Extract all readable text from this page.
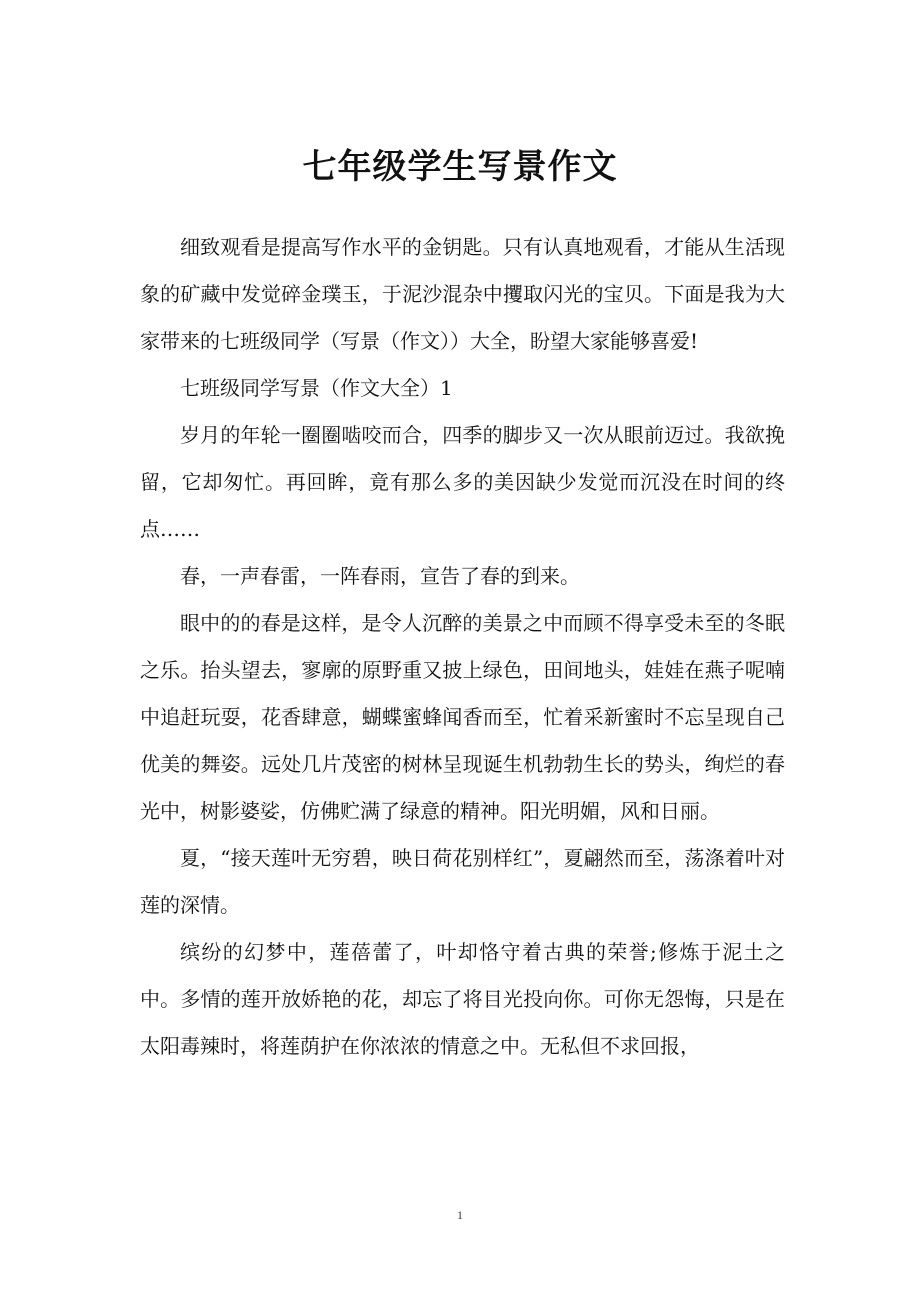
七年级学生写景作文

细致观看是提高写作水平的金钥匙。只有认真地观看，才能从生活现象的矿藏中发觉碎金璞玉，于泥沙混杂中攫取闪光的宝贝。下面是我为大家带来的七班级同学（写景（作文））大全，盼望大家能够喜爱!

七班级同学写景（作文大全）1

岁月的年轮一圈圈啮咬而合，四季的脚步又一次从眼前迈过。我欲挽留，它却匆忙。再回眸，竟有那么多的美因缺少发觉而沉没在时间的终点……

春，一声春雷，一阵春雨，宣告了春的到来。

眼中的的春是这样，是令人沉醉的美景之中而顾不得享受未至的冬眠之乐。抬头望去，寥廓的原野重又披上绿色，田间地头，娃娃在燕子呢喃中追赶玩耍，花香肆意，蝴蝶蜜蜂闻香而至，忙着采新蜜时不忘呈现自己优美的舞姿。远处几片茂密的树林呈现诞生机勃勃生长的势头，绚烂的春光中，树影婆娑，仿佛贮满了绿意的精神。阳光明媚，风和日丽。

夏，“接天莲叶无穷碧，映日荷花别样红”，夏翩然而至，荡涤着叶对莲的深情。

缤纷的幻梦中，莲蓓蕾了，叶却恪守着古典的荣誉;修炼于泥土之中。多情的莲开放娇艳的花，却忘了将目光投向你。可你无怨悔，只是在太阳毒辣时，将莲荫护在你浓浓的情意之中。无私但不求回报，

1
